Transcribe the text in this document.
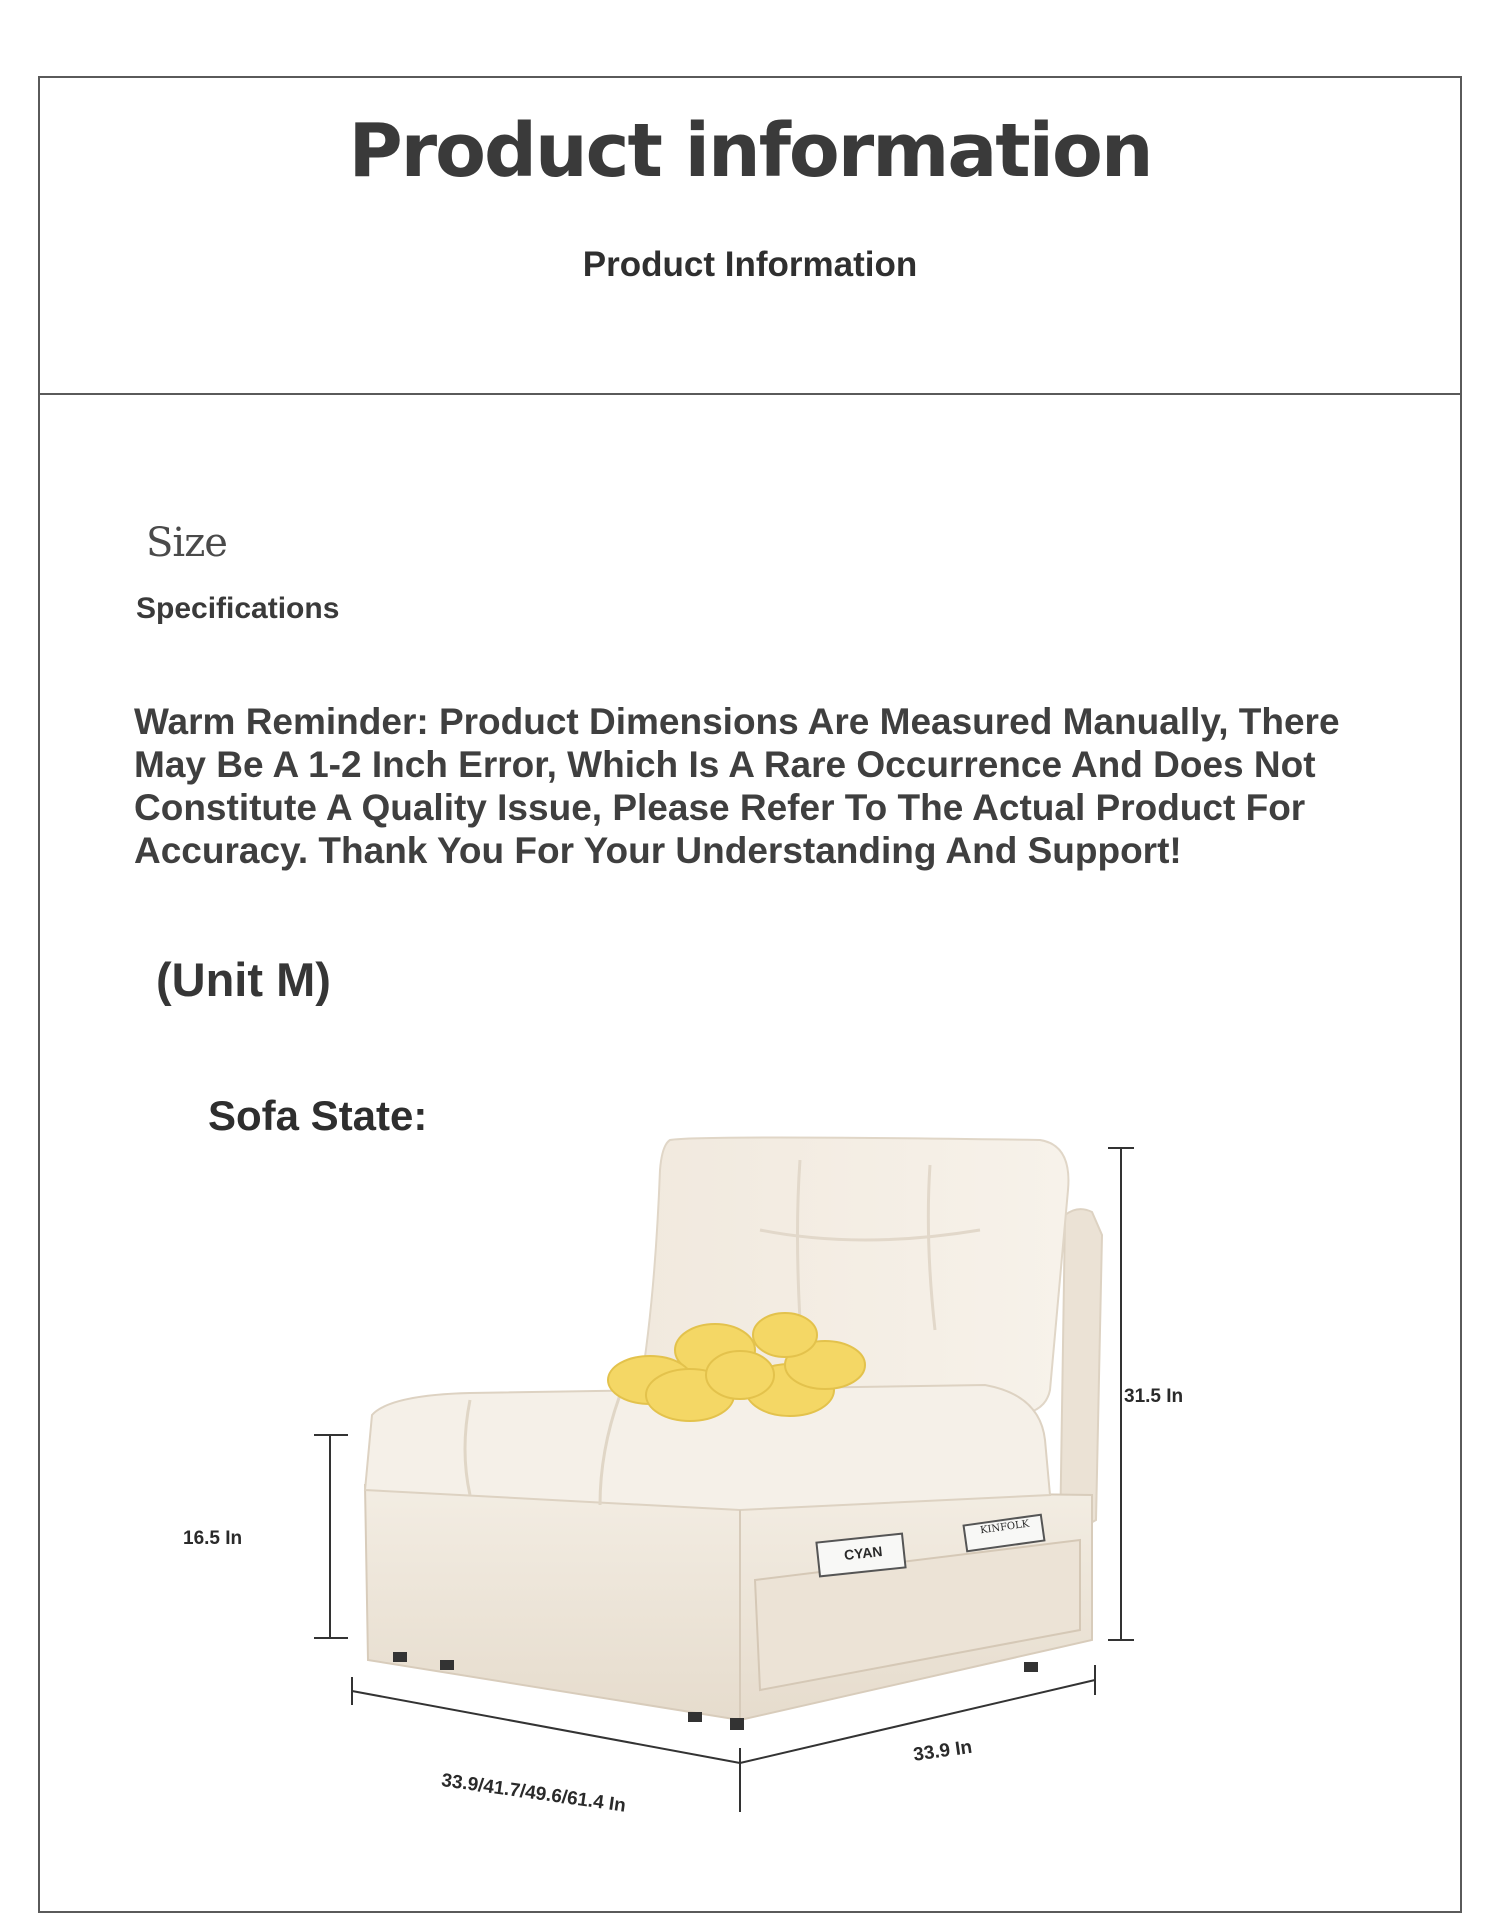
Product information
Product Information
Size
Specifications

Warm Reminder: Product Dimensions Are Measured Manually, There May Be A 1-2 Inch Error, Which Is A Rare Occurrence And Does Not Constitute A Quality Issue, Please Refer To The Actual Product For Accuracy. Thank You For Your Understanding And Support!

(Unit M)
Sofa State:
31.5 In
16.5 In
33.9/41.7/49.6/61.4 In
33.9 In
CYAN
KINFOLK
